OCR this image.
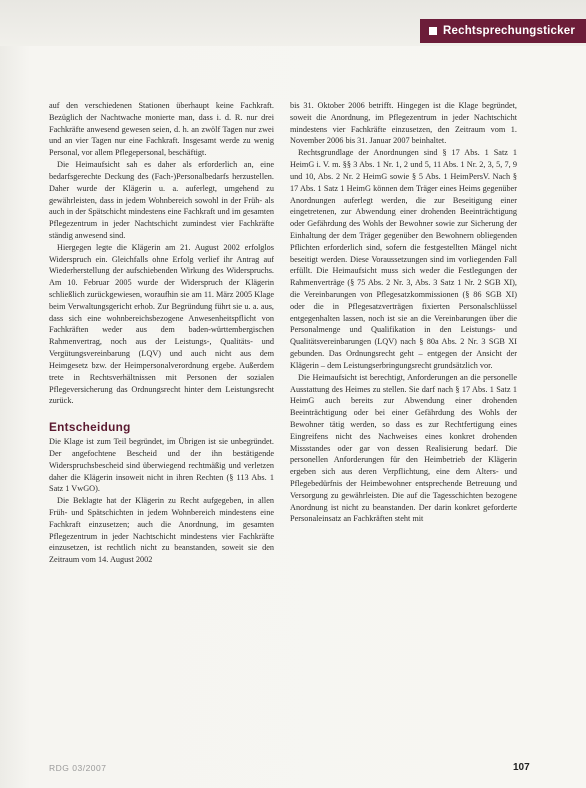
Rechtsprechungsticker

auf den verschiedenen Stationen überhaupt keine Fachkraft. Bezüglich der Nachtwache monierte man, dass i. d. R. nur drei Fachkräfte anwesend gewesen seien, d. h. an zwölf Tagen nur zwei und an vier Tagen nur eine Fachkraft. Insgesamt werde zu wenig Personal, vor allem Pflegepersonal, beschäftigt.

Die Heimaufsicht sah es daher als erforderlich an, eine bedarfsgerechte Deckung des (Fach-)Personalbedarfs herzustellen. Daher wurde der Klägerin u. a. auferlegt, umgehend zu gewährleisten, dass in jedem Wohnbereich sowohl in der Früh- als auch in der Spätschicht mindestens eine Fachkraft und im gesamten Pflegezentrum in jeder Nachtschicht zumindest vier Fachkräfte ständig anwesend sind.

Hiergegen legte die Klägerin am 21. August 2002 erfolglos Widerspruch ein. Gleichfalls ohne Erfolg verlief ihr Antrag auf Wiederherstellung der aufschiebenden Wirkung des Widerspruchs. Am 10. Februar 2005 wurde der Widerspruch der Klägerin schließlich zurückgewiesen, woraufhin sie am 11. März 2005 Klage beim Verwaltungsgericht erhob. Zur Begründung führt sie u. a. aus, dass sich eine wohnbereichsbezogene Anwesenheitspflicht von Fachkräften weder aus dem baden-württembergischen Rahmenvertrag, noch aus der Leistungs-, Qualitäts- und Vergütungsvereinbarung (LQV) und auch nicht aus dem Heimgesetz bzw. der Heimpersonalverordnung ergebe. Außerdem trete in Rechtsverhältnissen mit Personen der sozialen Pflegeversicherung das Ordnungsrecht hinter dem Leistungsrecht zurück.

Entscheidung

Die Klage ist zum Teil begründet, im Übrigen ist sie unbegründet. Der angefochtene Bescheid und der ihn bestätigende Widerspruchsbescheid sind überwiegend rechtmäßig und verletzen daher die Klägerin insoweit nicht in ihren Rechten (§ 113 Abs. 1 Satz 1 VwGO).

Die Beklagte hat der Klägerin zu Recht aufgegeben, in allen Früh- und Spätschichten in jedem Wohnbereich mindestens eine Fachkraft einzusetzen; auch die Anordnung, im gesamten Pflegezentrum in jeder Nachtschicht mindestens vier Fachkräfte einzusetzen, ist rechtlich nicht zu beanstanden, soweit sie den Zeitraum vom 14. August 2002

bis 31. Oktober 2006 betrifft. Hingegen ist die Klage begründet, soweit die Anordnung, im Pflegezentrum in jeder Nachtschicht mindestens vier Fachkräfte einzusetzen, den Zeitraum vom 1. November 2006 bis 31. Januar 2007 beinhaltet.

Rechtsgrundlage der Anordnungen sind § 17 Abs. 1 Satz 1 HeimG i. V. m. §§ 3 Abs. 1 Nr. 1, 2 und 5, 11 Abs. 1 Nr. 2, 3, 5, 7, 9 und 10, Abs. 2 Nr. 2 HeimG sowie § 5 Abs. 1 HeimPersV. Nach § 17 Abs. 1 Satz 1 HeimG können dem Träger eines Heims gegenüber Anordnungen auferlegt werden, die zur Beseitigung einer eingetretenen, zur Abwendung einer drohenden Beeinträchtigung oder Gefährdung des Wohls der Bewohner sowie zur Sicherung der Einhaltung der dem Träger gegenüber den Bewohnern obliegenden Pflichten erforderlich sind, sofern die festgestellten Mängel nicht beseitigt werden. Diese Voraussetzungen sind im vorliegenden Fall erfüllt. Die Heimaufsicht muss sich weder die Festlegungen der Rahmenverträge (§ 75 Abs. 2 Nr. 3, Abs. 3 Satz 1 Nr. 2 SGB XI), die Vereinbarungen von Pflegesatzkommissionen (§ 86 SGB XI) oder die in Pflegesatzverträgen fixierten Personalschlüssel entgegenhalten lassen, noch ist sie an die Vereinbarungen über die Personalmenge und Qualifikation in den Leistungs- und Qualitätsvereinbarungen (LQV) nach § 80a Abs. 2 Nr. 3 SGB XI gebunden. Das Ordnungsrecht geht – entgegen der Ansicht der Klägerin – dem Leistungserbringungsrecht grundsätzlich vor.

Die Heimaufsicht ist berechtigt, Anforderungen an die personelle Ausstattung des Heimes zu stellen. Sie darf nach § 17 Abs. 1 Satz 1 HeimG auch bereits zur Abwendung einer drohenden Beeinträchtigung oder bei einer Gefährdung des Wohls der Bewohner tätig werden, so dass es zur Rechtfertigung eines Eingreifens nicht des Nachweises eines konkret drohenden Missstandes oder gar von dessen Realisierung bedarf. Die personellen Anforderungen für den Heimbetrieb der Klägerin ergeben sich aus deren Verpflichtung, eine dem Alters- und Pflegebedürfnis der Heimbewohner entsprechende Betreuung und Versorgung zu gewährleisten. Die auf die Tagesschichten bezogene Anordnung ist nicht zu beanstanden. Der darin konkret geforderte Personaleinsatz an Fachkräften steht mit

RDG 03/2007	107
